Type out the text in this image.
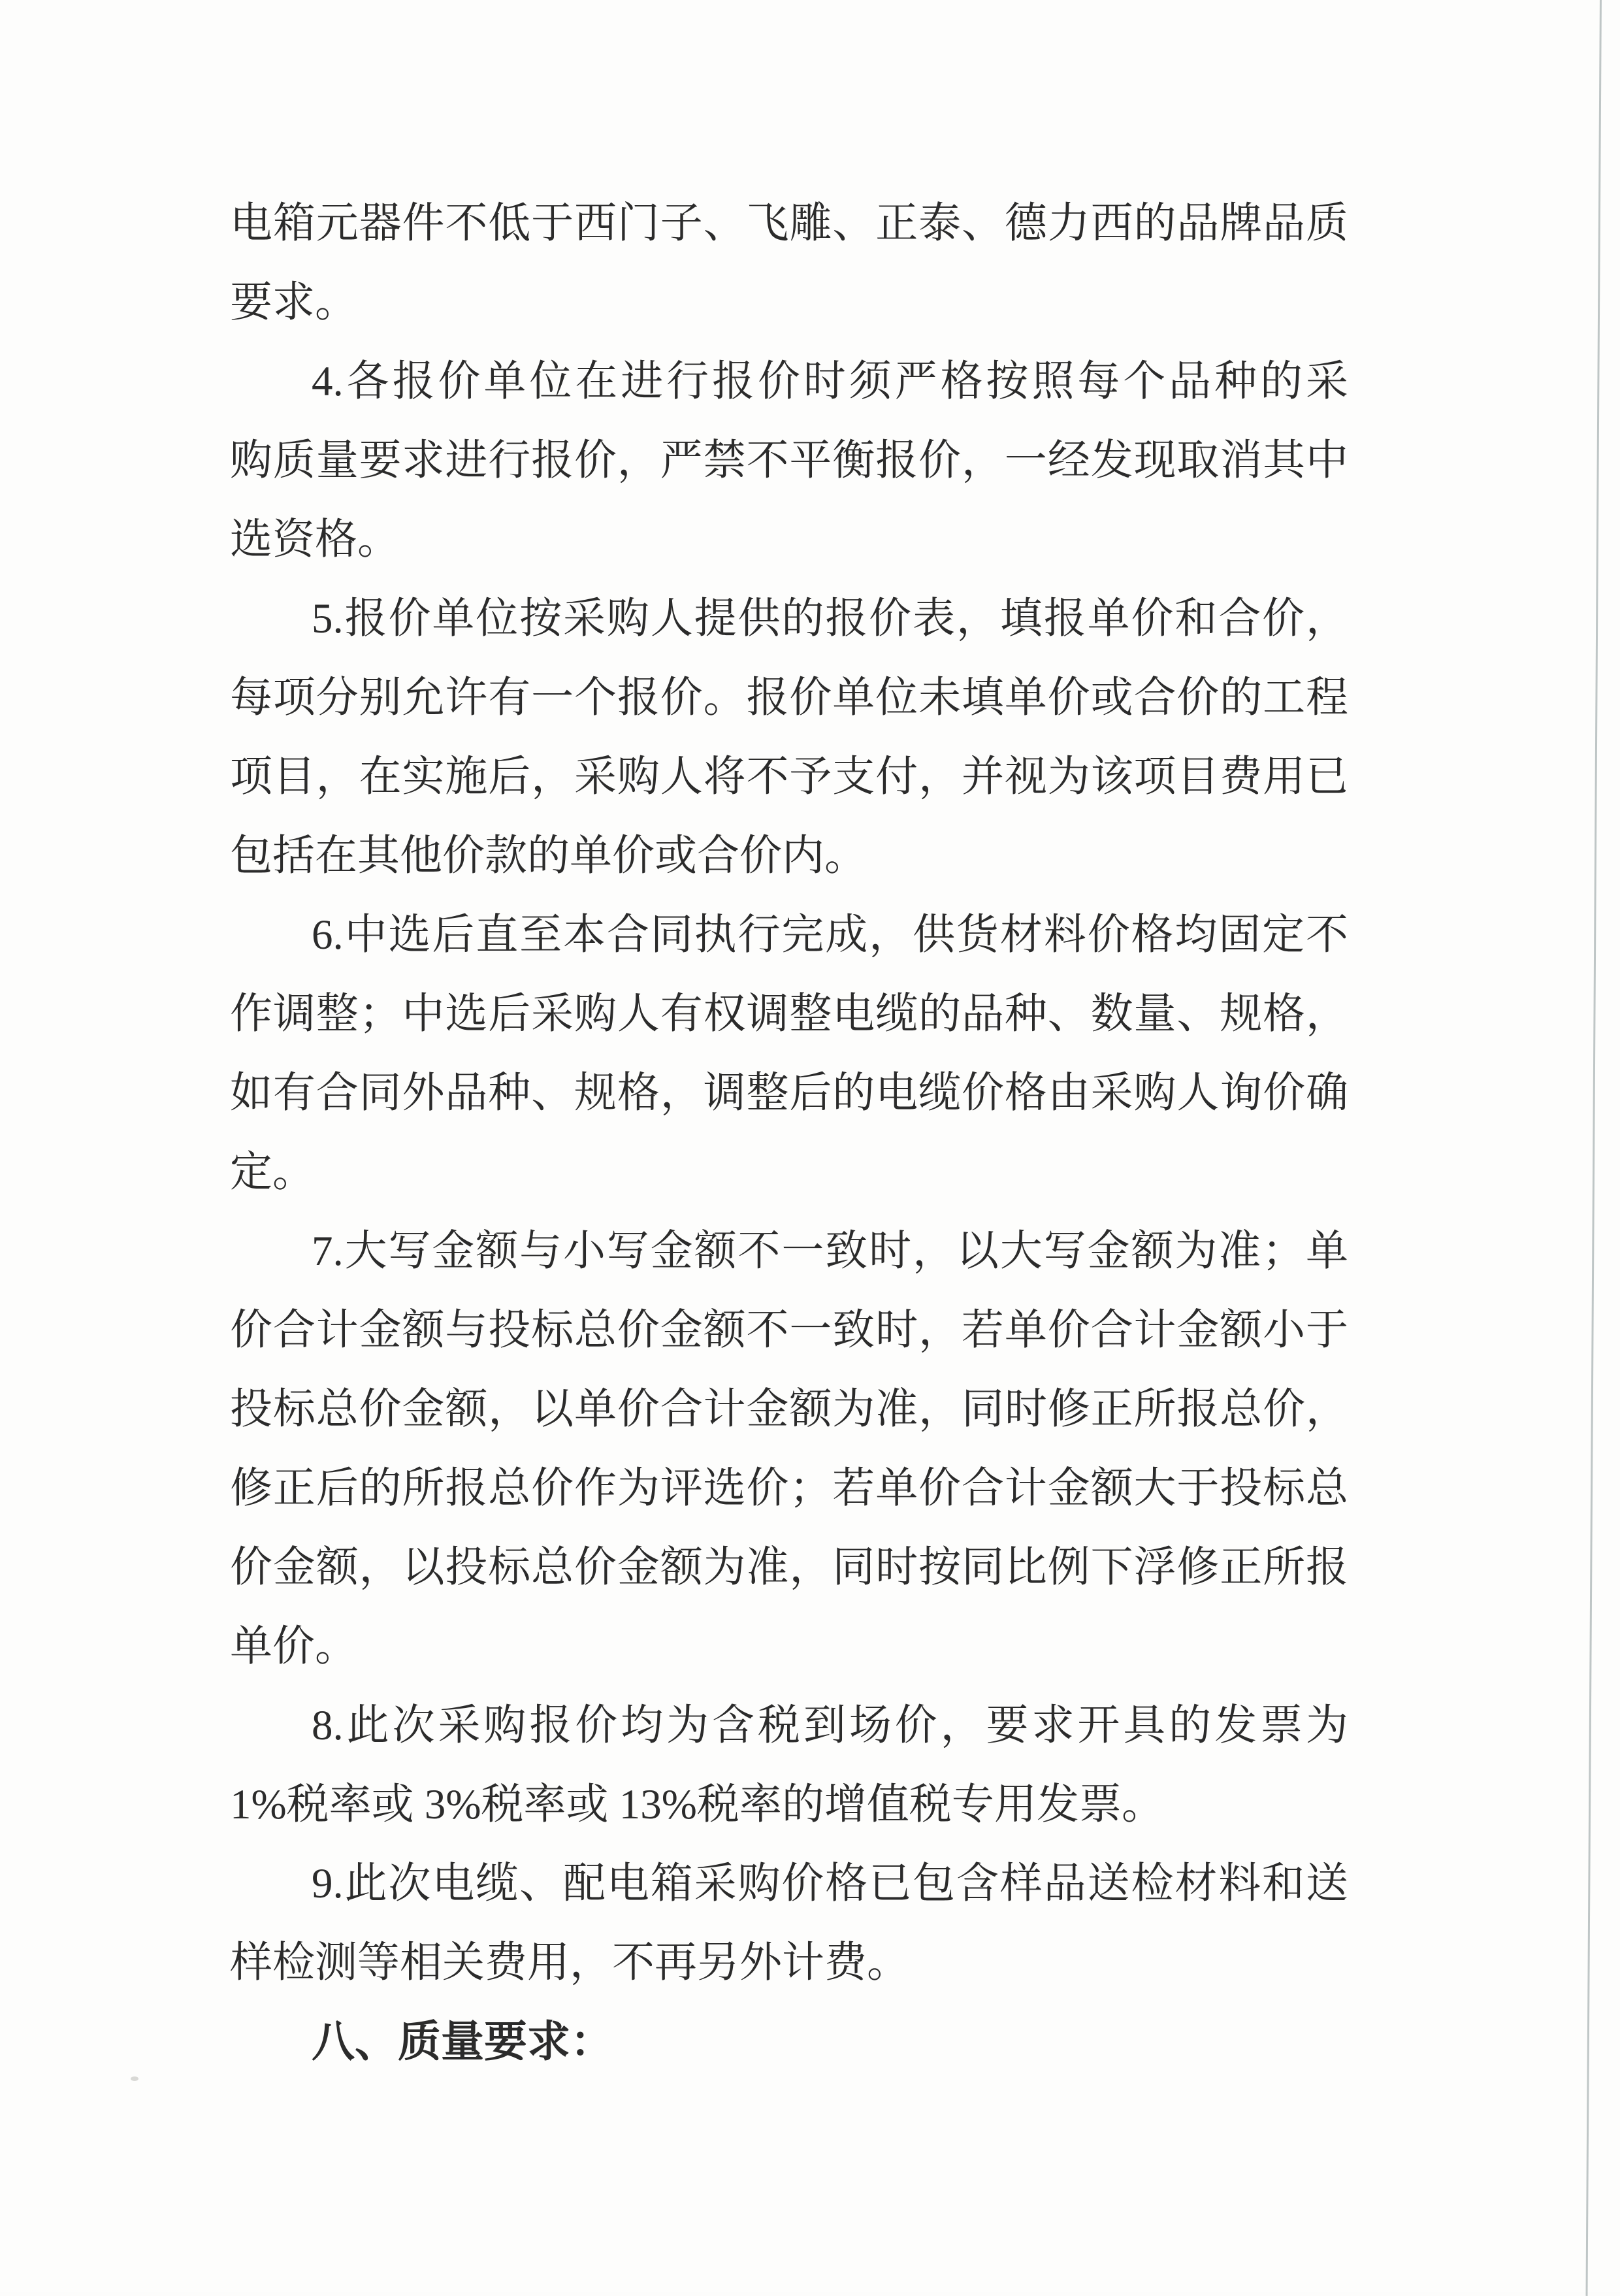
电箱元器件不低于西门子、飞雕、正泰、德力西的品牌品质
要求。
4.各报价单位在进行报价时须严格按照每个品种的采
购质量要求进行报价，严禁不平衡报价，一经发现取消其中
选资格。
5.报价单位按采购人提供的报价表，填报单价和合价，
每项分别允许有一个报价。报价单位未填单价或合价的工程
项目，在实施后，采购人将不予支付，并视为该项目费用已
包括在其他价款的单价或合价内。
6.中选后直至本合同执行完成，供货材料价格均固定不
作调整；中选后采购人有权调整电缆的品种、数量、规格，
如有合同外品种、规格，调整后的电缆价格由采购人询价确
定。
7.大写金额与小写金额不一致时，以大写金额为准；单
价合计金额与投标总价金额不一致时，若单价合计金额小于
投标总价金额，以单价合计金额为准，同时修正所报总价，
修正后的所报总价作为评选价；若单价合计金额大于投标总
价金额，以投标总价金额为准，同时按同比例下浮修正所报
单价。
8.此次采购报价均为含税到场价，要求开具的发票为
1%税率或 3%税率或 13%税率的增值税专用发票。
9.此次电缆、配电箱采购价格已包含样品送检材料和送
样检测等相关费用，不再另外计费。
八、质量要求：
